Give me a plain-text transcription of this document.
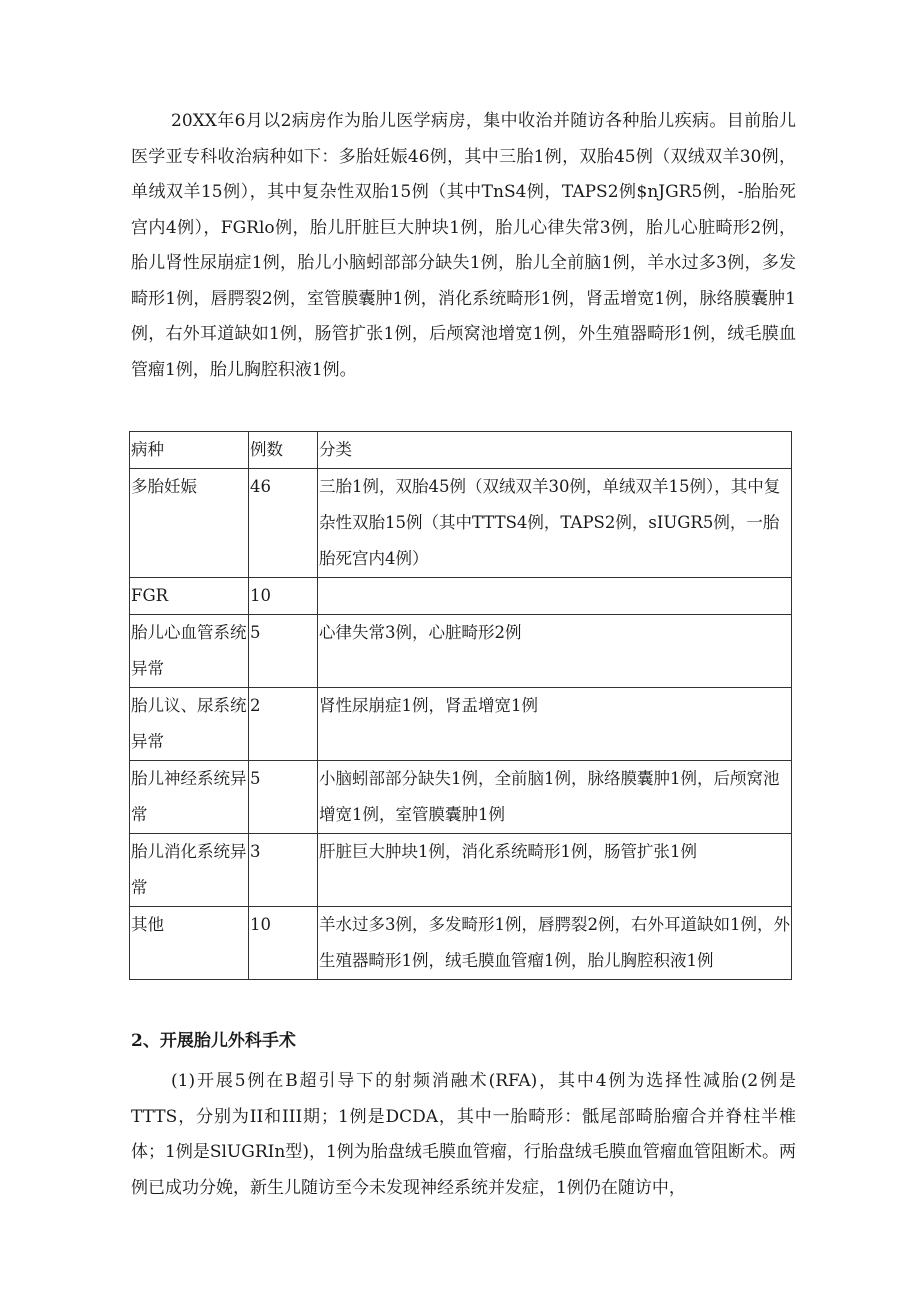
20XX年6月以2病房作为胎儿医学病房，集中收治并随访各种胎儿疾病。目前胎儿医学亚专科收治病种如下：多胎妊娠46例，其中三胎1例，双胎45例（双绒双羊30例，单绒双羊15例），其中复杂性双胎15例（其中TnS4例，TAPS2例$nJGR5例，-胎胎死宫内4例），FGRlo例，胎儿肝脏巨大肿块1例，胎儿心律失常3例，胎儿心脏畸形2例，胎儿肾性尿崩症1例，胎儿小脑蚓部部分缺失1例，胎儿全前脑1例，羊水过多3例，多发畸形1例，唇腭裂2例，室管膜囊肿1例，消化系统畸形1例，肾盂增宽1例，脉络膜囊肿1例，右外耳道缺如1例，肠管扩张1例，后颅窝池增宽1例，外生殖器畸形1例，绒毛膜血管瘤1例，胎儿胸腔积液1例。

病种	例数	分类
多胎妊娠	46	三胎1例，双胎45例（双绒双羊30例，单绒双羊15例），其中复杂性双胎15例（其中TTTS4例，TAPS2例，sIUGR5例，一胎胎死宫内4例）
FGR	10	
胎儿心血管系统异常	5	心律失常3例，心脏畸形2例
胎儿议、尿系统异常	2	肾性尿崩症1例，肾盂增宽1例
胎儿神经系统异常	5	小脑蚓部部分缺失1例，全前脑1例，脉络膜囊肿1例，后颅窝池增宽1例，室管膜囊肿1例
胎儿消化系统异常	3	肝脏巨大肿块1例，消化系统畸形1例，肠管扩张1例
其他	10	羊水过多3例，多发畸形1例，唇腭裂2例，右外耳道缺如1例，外生殖器畸形1例，绒毛膜血管瘤1例，胎儿胸腔积液1例

2、开展胎儿外科手术

(1)开展5例在B超引导下的射频消融术(RFA)，其中4例为选择性减胎(2例是TTTS，分别为II和III期；1例是DCDA，其中一胎畸形：骶尾部畸胎瘤合并脊柱半椎体；1例是SlUGRIn型)，1例为胎盘绒毛膜血管瘤，行胎盘绒毛膜血管瘤血管阻断术。两例已成功分娩，新生儿随访至今未发现神经系统并发症，1例仍在随访中，
